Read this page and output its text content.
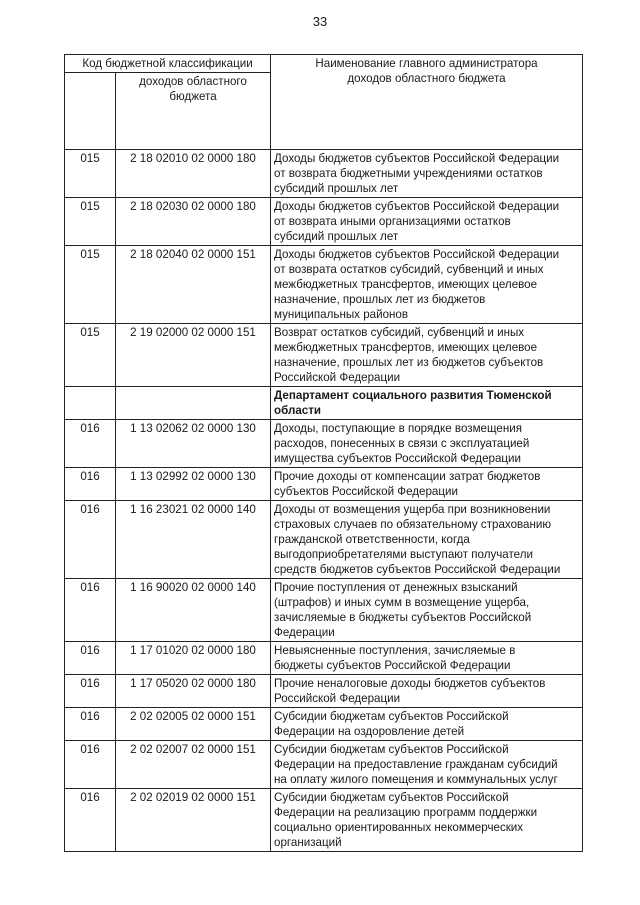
33
Код бюджетной классификации		Наименование главного администратора
доходов областного бюджета

	доходов областного
бюджета	

015	2 18 02010 02 0000 180	Доходы бюджетов субъектов Российской Федерации
от возврата бюджетными учреждениями остатков
субсидий прошлых лет

015	2 18 02030 02 0000 180	Доходы бюджетов субъектов Российской Федерации
от возврата иными организациями остатков
субсидий прошлых лет

015	2 18 02040 02 0000 151	Доходы бюджетов субъектов Российской Федерации
от возврата остатков субсидий, субвенций и иных
межбюджетных трансфертов, имеющих целевое
назначение, прошлых лет из бюджетов
муниципальных районов

015	2 19 02000 02 0000 151	Возврат остатков субсидий, субвенций и иных
межбюджетных трансфертов, имеющих целевое
назначение, прошлых лет из бюджетов субъектов
Российской Федерации

		Департамент социального развития Тюменской
области

016	1 13 02062 02 0000 130	Доходы, поступающие в порядке возмещения
расходов, понесенных в связи с эксплуатацией
имущества субъектов Российской Федерации

016	1 13 02992 02 0000 130	Прочие доходы от компенсации затрат бюджетов
субъектов Российской Федерации

016	1 16 23021 02 0000 140	Доходы от возмещения ущерба при возникновении
страховых случаев по обязательному страхованию
гражданской ответственности, когда
выгодоприобретателями выступают получатели
средств бюджетов субъектов Российской Федерации

016	1 16 90020 02 0000 140	Прочие поступления от денежных взысканий
(штрафов) и иных сумм в возмещение ущерба,
зачисляемые в бюджеты субъектов Российской
Федерации

016	1 17 01020 02 0000 180	Невыясненные поступления, зачисляемые в
бюджеты субъектов Российской Федерации

016	1 17 05020 02 0000 180	Прочие неналоговые доходы бюджетов субъектов
Российской Федерации

016	2 02 02005 02 0000 151	Субсидии бюджетам субъектов Российской
Федерации на оздоровление детей

016	2 02 02007 02 0000 151	Субсидии бюджетам субъектов Российской
Федерации на предоставление гражданам субсидий
на оплату жилого помещения и коммунальных услуг

016	2 02 02019 02 0000 151	Субсидии бюджетам субъектов Российской
Федерации на реализацию программ поддержки
социально ориентированных некоммерческих
организаций
